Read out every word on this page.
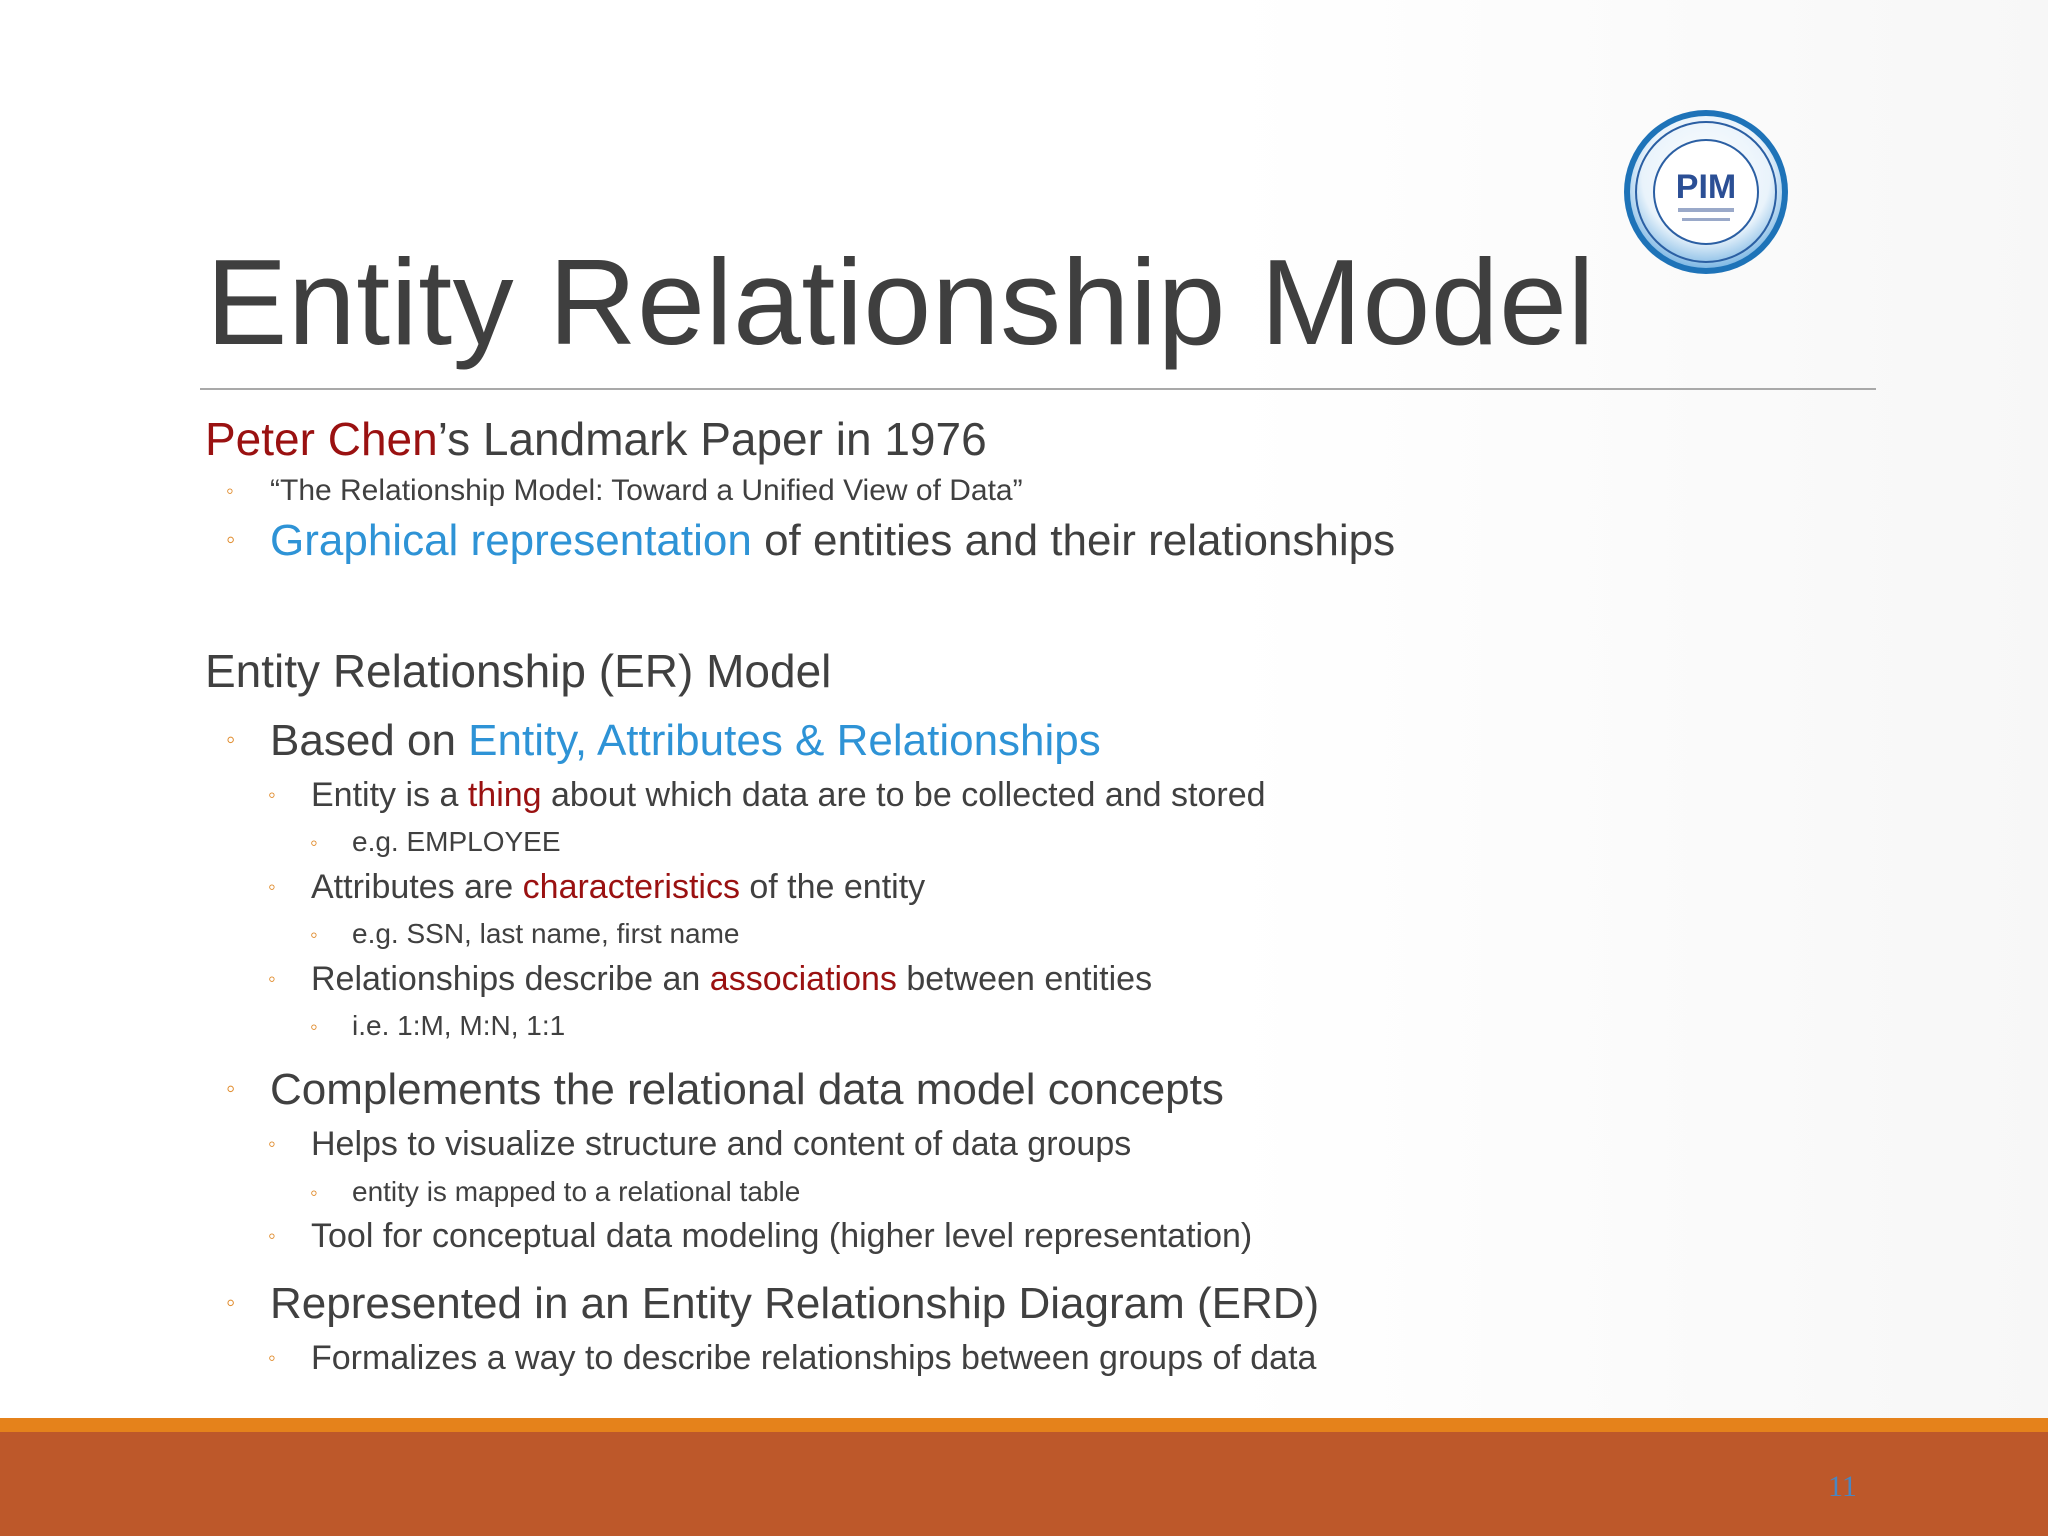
Entity Relationship Model
PIM
Peter Chen’s Landmark Paper in 1976
◦ “The Relationship Model: Toward a Unified View of Data”
◦ Graphical representation of entities and their relationships
Entity Relationship (ER) Model
◦ Based on Entity, Attributes & Relationships
◦ Entity is a thing about which data are to be collected and stored
◦ e.g. EMPLOYEE
◦ Attributes are characteristics of the entity
◦ e.g. SSN, last name, first name
◦ Relationships describe an associations between entities
◦ i.e. 1:M, M:N, 1:1
◦ Complements the relational data model concepts
◦ Helps to visualize structure and content of data groups
◦ entity is mapped to a relational table
◦ Tool for conceptual data modeling (higher level representation)
◦ Represented in an Entity Relationship Diagram (ERD)
◦ Formalizes a way to describe relationships between groups of data
11
